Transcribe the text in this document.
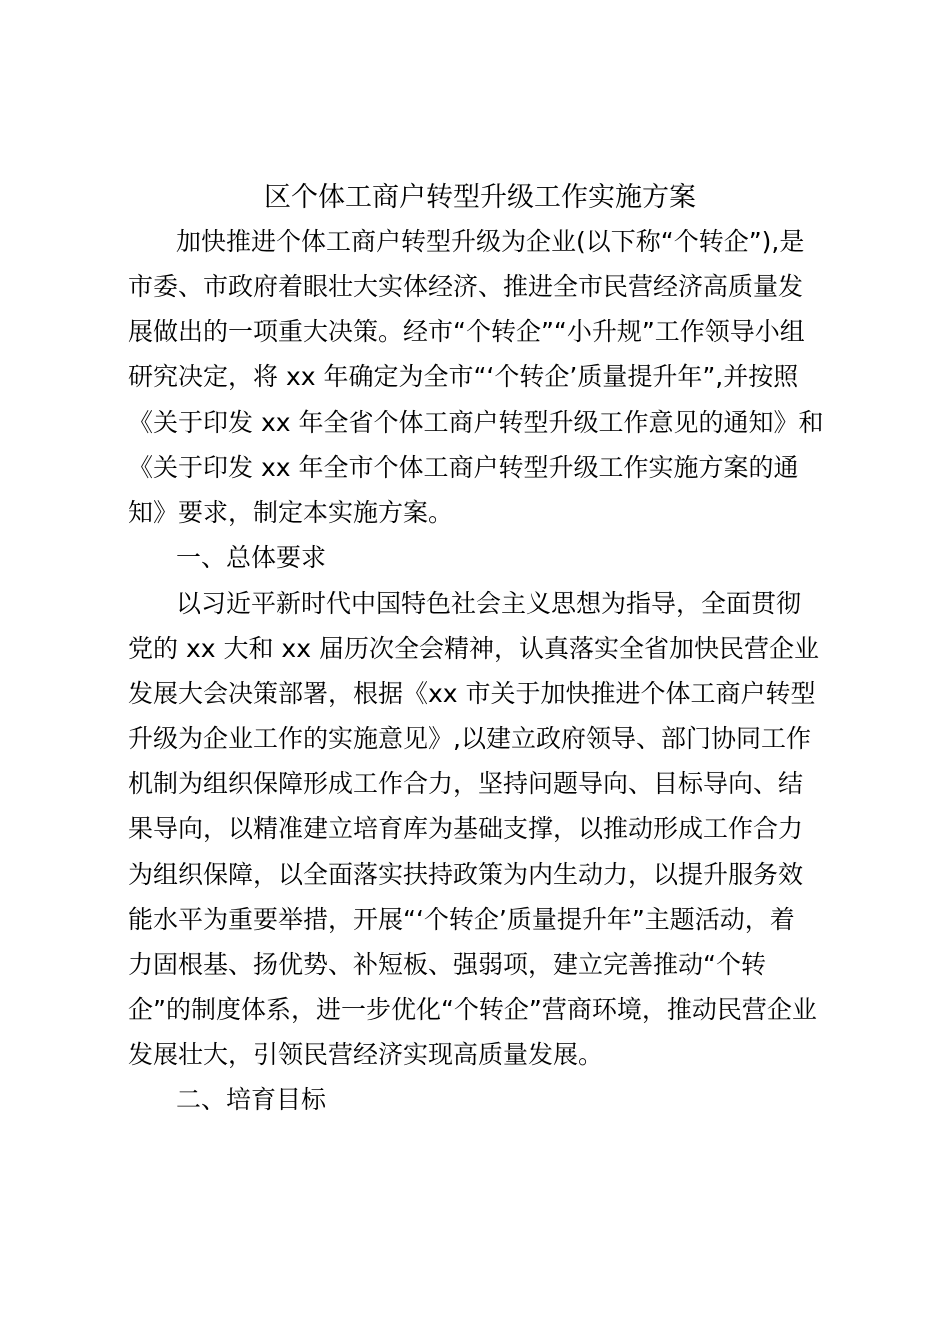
区个体工商户转型升级工作实施方案

加快推进个体工商户转型升级为企业(以下称“个转企”),是

市委、市政府着眼壮大实体经济、推进全市民营经济高质量发

展做出的一项重大决策。经市“个转企”“小升规”工作领导小组

研究决定，将 xx 年确定为全市“‘个转企’质量提升年”,并按照

《关于印发 xx 年全省个体工商户转型升级工作意见的通知》和

《关于印发 xx 年全市个体工商户转型升级工作实施方案的通

知》要求，制定本实施方案。

一、总体要求

以习近平新时代中国特色社会主义思想为指导，全面贯彻

党的 xx 大和 xx 届历次全会精神，认真落实全省加快民营企业

发展大会决策部署，根据《xx 市关于加快推进个体工商户转型

升级为企业工作的实施意见》,以建立政府领导、部门协同工作

机制为组织保障形成工作合力，坚持问题导向、目标导向、结

果导向，以精准建立培育库为基础支撑，以推动形成工作合力

为组织保障，以全面落实扶持政策为内生动力，以提升服务效

能水平为重要举措，开展“‘个转企’质量提升年”主题活动，着

力固根基、扬优势、补短板、强弱项，建立完善推动“个转

企”的制度体系，进一步优化“个转企”营商环境，推动民营企业

发展壮大，引领民营经济实现高质量发展。

二、培育目标
